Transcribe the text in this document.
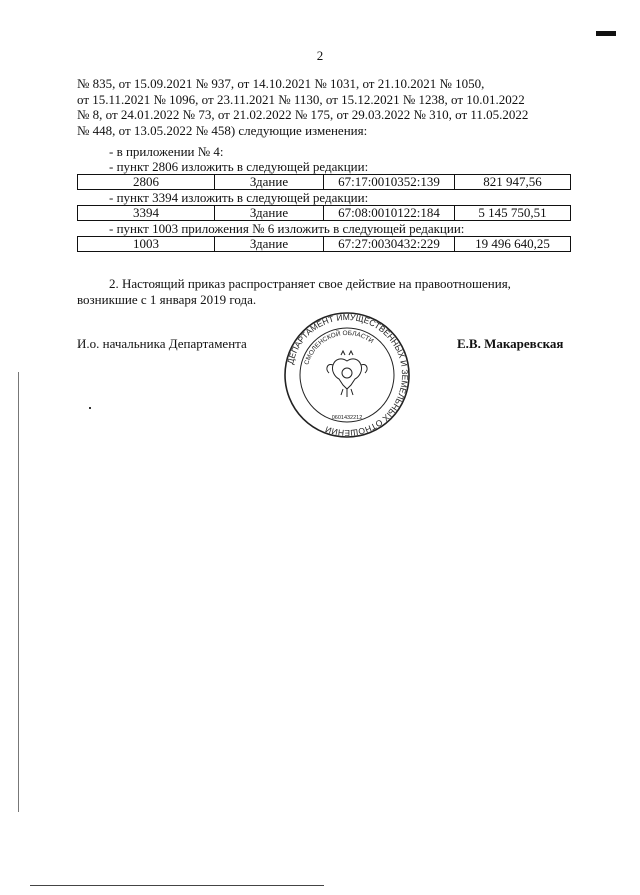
2

№ 835, от 15.09.2021 № 937, от 14.10.2021 № 1031, от 21.10.2021 № 1050,

от 15.11.2021 № 1096, от 23.11.2021 № 1130, от 15.12.2021 № 1238, от 10.01.2022

№ 8, от 24.01.2022 № 73, от 21.02.2022 № 175, от 29.03.2022 № 310, от 11.05.2022

№ 448, от 13.05.2022 № 458) следующие изменения:

- в приложении № 4:
- пункт 2806 изложить в следующей редакции:
2806	Здание	67:17:0010352:139	821 947,56
- пункт 3394 изложить в следующей редакции:
3394	Здание	67:08:0010122:184	5 145 750,51
- пункт 1003 приложения № 6 изложить в следующей редакции:
1003	Здание	67:27:0030432:229	19 496 640,25

2. Настоящий приказ распространяет свое действие на правоотношения,

возникшие с 1 января 2019 года.
И.о. начальника Департамента	Е.В. Макаревская
ДЕПАРТАМЕНТ ИМУЩЕСТВЕННЫХ И ЗЕМЕЛЬНЫХ ОТНОШЕНИЙ
СМОЛЕНСКОЙ ОБЛАСТИ
0601432212
